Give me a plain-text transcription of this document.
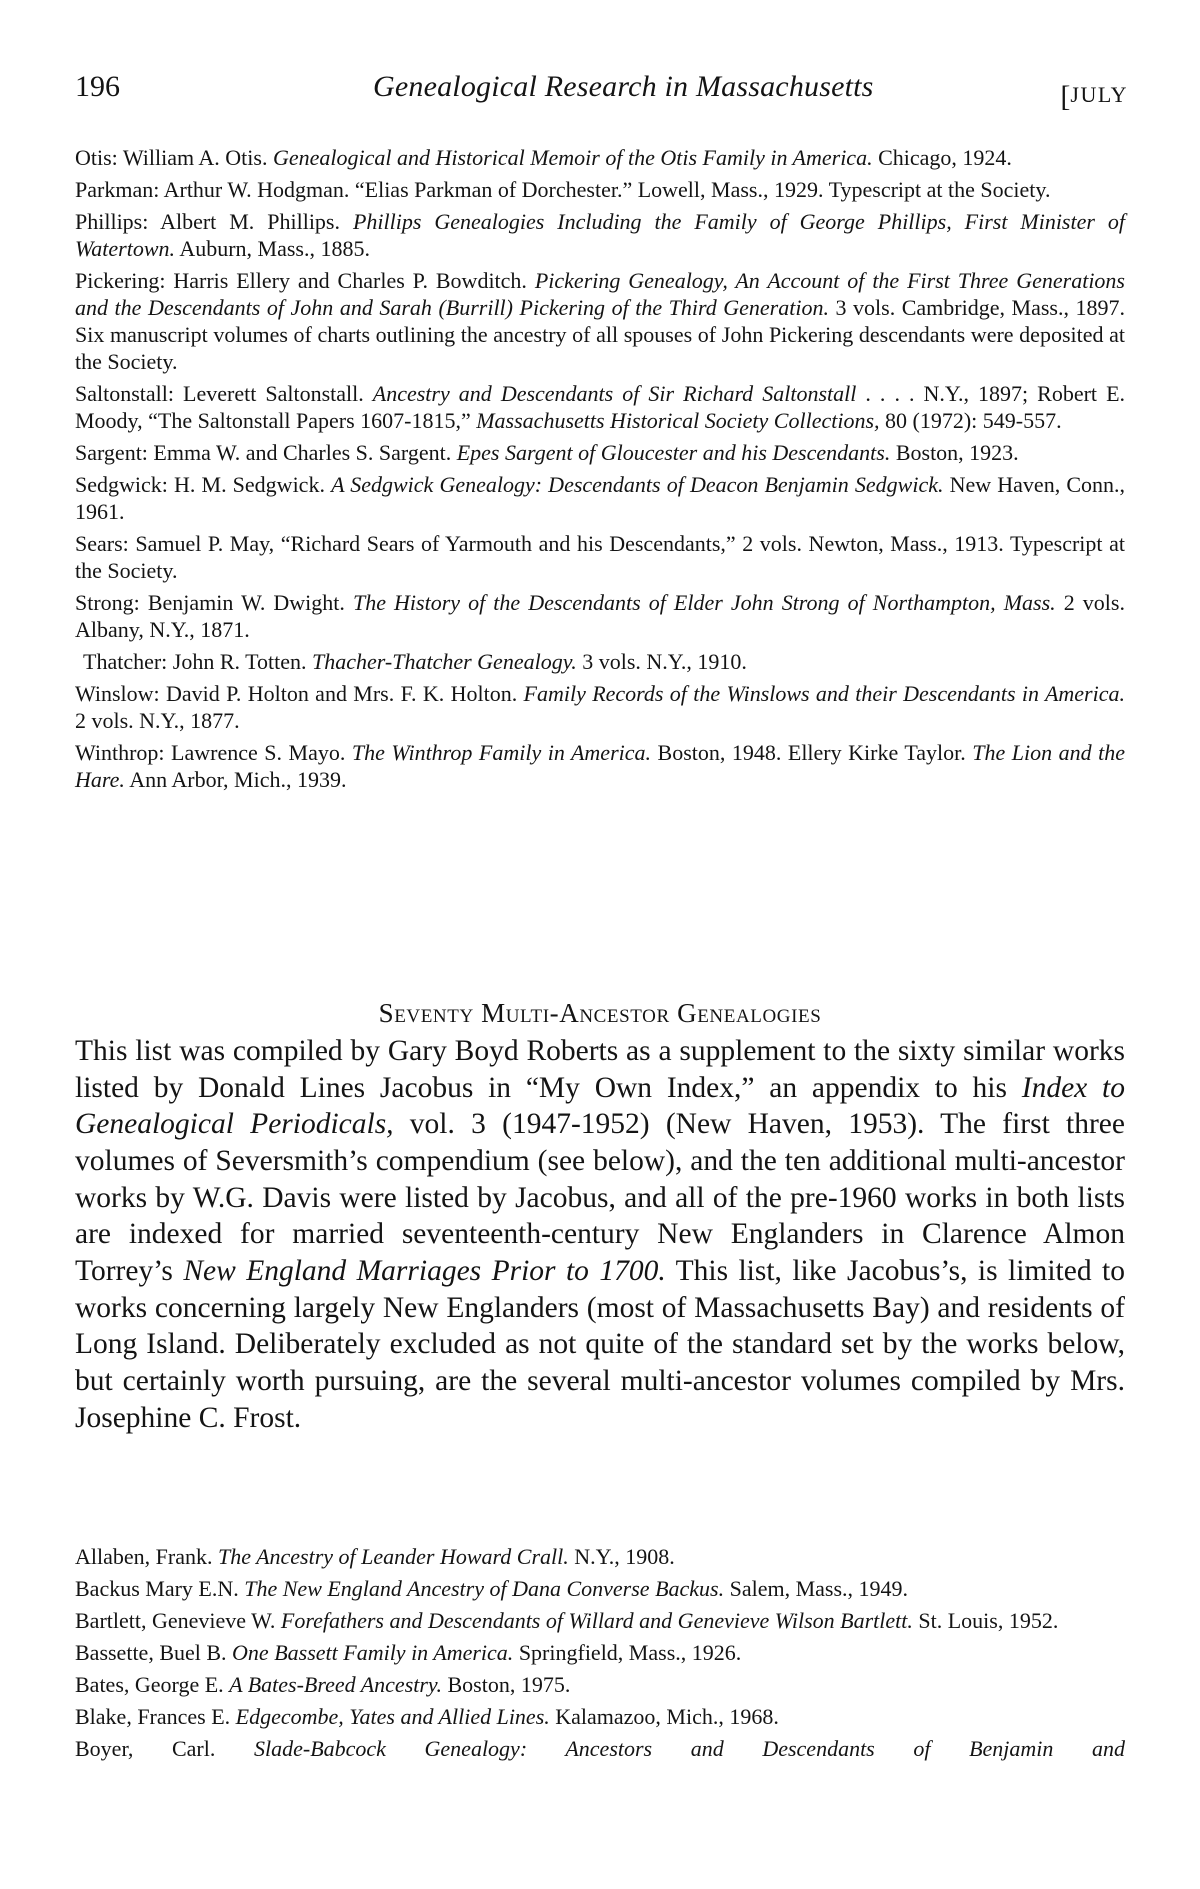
196	Genealogical Research in Massachusetts	[JULY
Otis: William A. Otis. Genealogical and Historical Memoir of the Otis Family in America. Chicago, 1924.
Parkman: Arthur W. Hodgman. “Elias Parkman of Dorchester.” Lowell, Mass., 1929. Typescript at the Society.
Phillips: Albert M. Phillips. Phillips Genealogies Including the Family of George Phillips, First Minister of Watertown. Auburn, Mass., 1885.
Pickering: Harris Ellery and Charles P. Bowditch. Pickering Genealogy, An Account of the First Three Generations and the Descendants of John and Sarah (Burrill) Pickering of the Third Generation. 3 vols. Cambridge, Mass., 1897. Six manuscript volumes of charts outlining the ancestry of all spouses of John Pickering descendants were deposited at the Society.
Saltonstall: Leverett Saltonstall. Ancestry and Descendants of Sir Richard Saltonstall . . . . N.Y., 1897; Robert E. Moody, “The Saltonstall Papers 1607-1815,” Massachusetts Historical Society Collections, 80 (1972): 549-557.
Sargent: Emma W. and Charles S. Sargent. Epes Sargent of Gloucester and his Descendants. Boston, 1923.
Sedgwick: H. M. Sedgwick. A Sedgwick Genealogy: Descendants of Deacon Benjamin Sedgwick. New Haven, Conn., 1961.
Sears: Samuel P. May, “Richard Sears of Yarmouth and his Descendants,” 2 vols. Newton, Mass., 1913. Typescript at the Society.
Strong: Benjamin W. Dwight. The History of the Descendants of Elder John Strong of Northampton, Mass. 2 vols. Albany, N.Y., 1871.
Thatcher: John R. Totten. Thacher-Thatcher Genealogy. 3 vols. N.Y., 1910.
Winslow: David P. Holton and Mrs. F. K. Holton. Family Records of the Winslows and their Descendants in America. 2 vols. N.Y., 1877.
Winthrop: Lawrence S. Mayo. The Winthrop Family in America. Boston, 1948. Ellery Kirke Taylor. The Lion and the Hare. Ann Arbor, Mich., 1939.
Seventy Multi-Ancestor Genealogies

This list was compiled by Gary Boyd Roberts as a supplement to the sixty similar works listed by Donald Lines Jacobus in “My Own Index,” an appendix to his Index to Genealogical Periodicals, vol. 3 (1947-1952) (New Haven, 1953). The first three volumes of Seversmith’s compendium (see below), and the ten additional multi-ancestor works by W.G. Davis were listed by Jacobus, and all of the pre-1960 works in both lists are indexed for married seventeenth-century New Englanders in Clarence Almon Torrey’s New England Marriages Prior to 1700. This list, like Jacobus’s, is limited to works concerning largely New Englanders (most of Massachusetts Bay) and residents of Long Island. Deliberately excluded as not quite of the standard set by the works below, but certainly worth pursuing, are the several multi-ancestor volumes compiled by Mrs. Josephine C. Frost.

Allaben, Frank. The Ancestry of Leander Howard Crall. N.Y., 1908.
Backus Mary E.N. The New England Ancestry of Dana Converse Backus. Salem, Mass., 1949.
Bartlett, Genevieve W. Forefathers and Descendants of Willard and Genevieve Wilson Bartlett. St. Louis, 1952.
Bassette, Buel B. One Bassett Family in America. Springfield, Mass., 1926.
Bates, George E. A Bates-Breed Ancestry. Boston, 1975.
Blake, Frances E. Edgecombe, Yates and Allied Lines. Kalamazoo, Mich., 1968.
Boyer, Carl. Slade-Babcock Genealogy: Ancestors and Descendants of Benjamin and
